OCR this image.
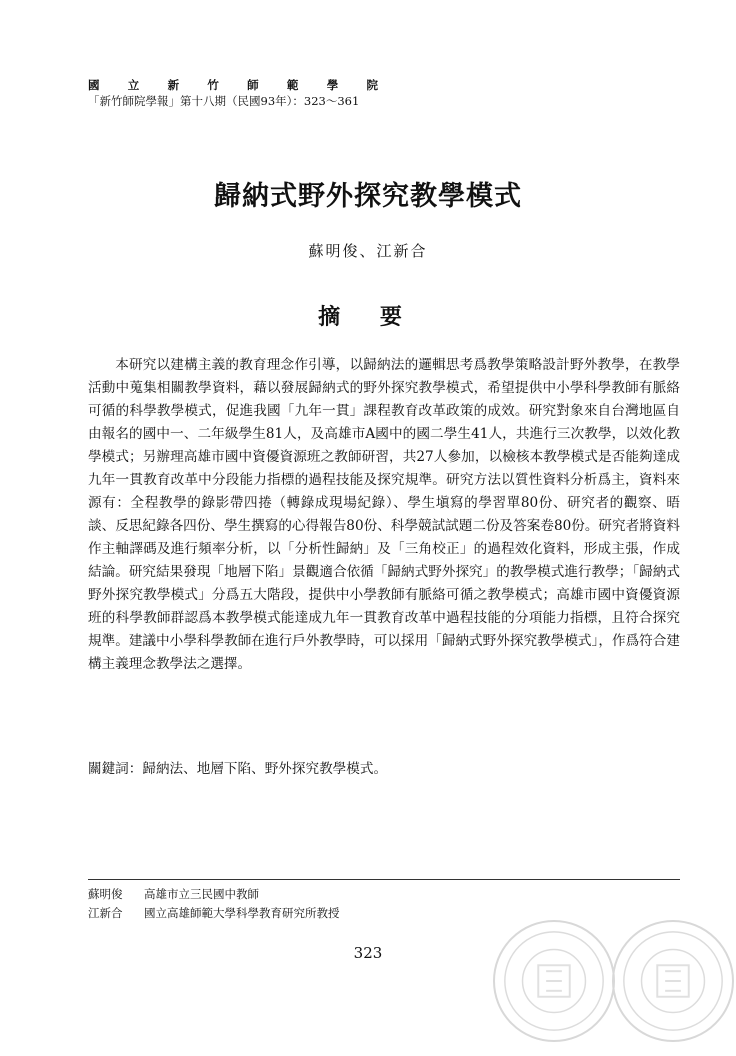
國 立 新 竹 師 範 學 院
「新竹師院學報」第十八期（民國93年）：323～361
歸納式野外探究教學模式
蘇明俊、江新合
摘 要

本研究以建構主義的教育理念作引導，以歸納法的邏輯思考爲教學策略設計野外教學，在教學活動中蒐集相關教學資料，藉以發展歸納式的野外探究教學模式，希望提供中小學科學教師有脈絡可循的科學教學模式，促進我國「九年一貫」課程教育改革政策的成效。研究對象來自台灣地區自由報名的國中一、二年級學生81人，及高雄市A國中的國二學生41人，共進行三次教學，以效化教學模式；另辦理高雄市國中資優資源班之教師研習，共27人參加，以檢核本教學模式是否能夠達成九年一貫教育改革中分段能力指標的過程技能及探究規準。研究方法以質性資料分析爲主，資料來源有：全程教學的錄影帶四捲（轉錄成現場紀錄）、學生塡寫的學習單80份、研究者的觀察、晤談、反思紀錄各四份、學生撰寫的心得報告80份、科學競試試題二份及答案卷80份。研究者將資料作主軸譯碼及進行頻率分析，以「分析性歸納」及「三角校正」的過程效化資料，形成主張，作成結論。研究結果發現「地層下陷」景觀適合依循「歸納式野外探究」的教學模式進行教學；「歸納式野外探究教學模式」分爲五大階段，提供中小學教師有脈絡可循之教學模式；高雄市國中資優資源班的科學教師群認爲本教學模式能達成九年一貫教育改革中過程技能的分項能力指標，且符合探究規準。建議中小學科學教師在進行戶外教學時，可以採用「歸納式野外探究教學模式」，作爲符合建構主義理念教學法之選擇。

關鍵詞：歸納法、地層下陷、野外探究教學模式。
蘇明俊	高雄市立三民國中教師
江新合	國立高雄師範大學科學教育研究所教授
323
